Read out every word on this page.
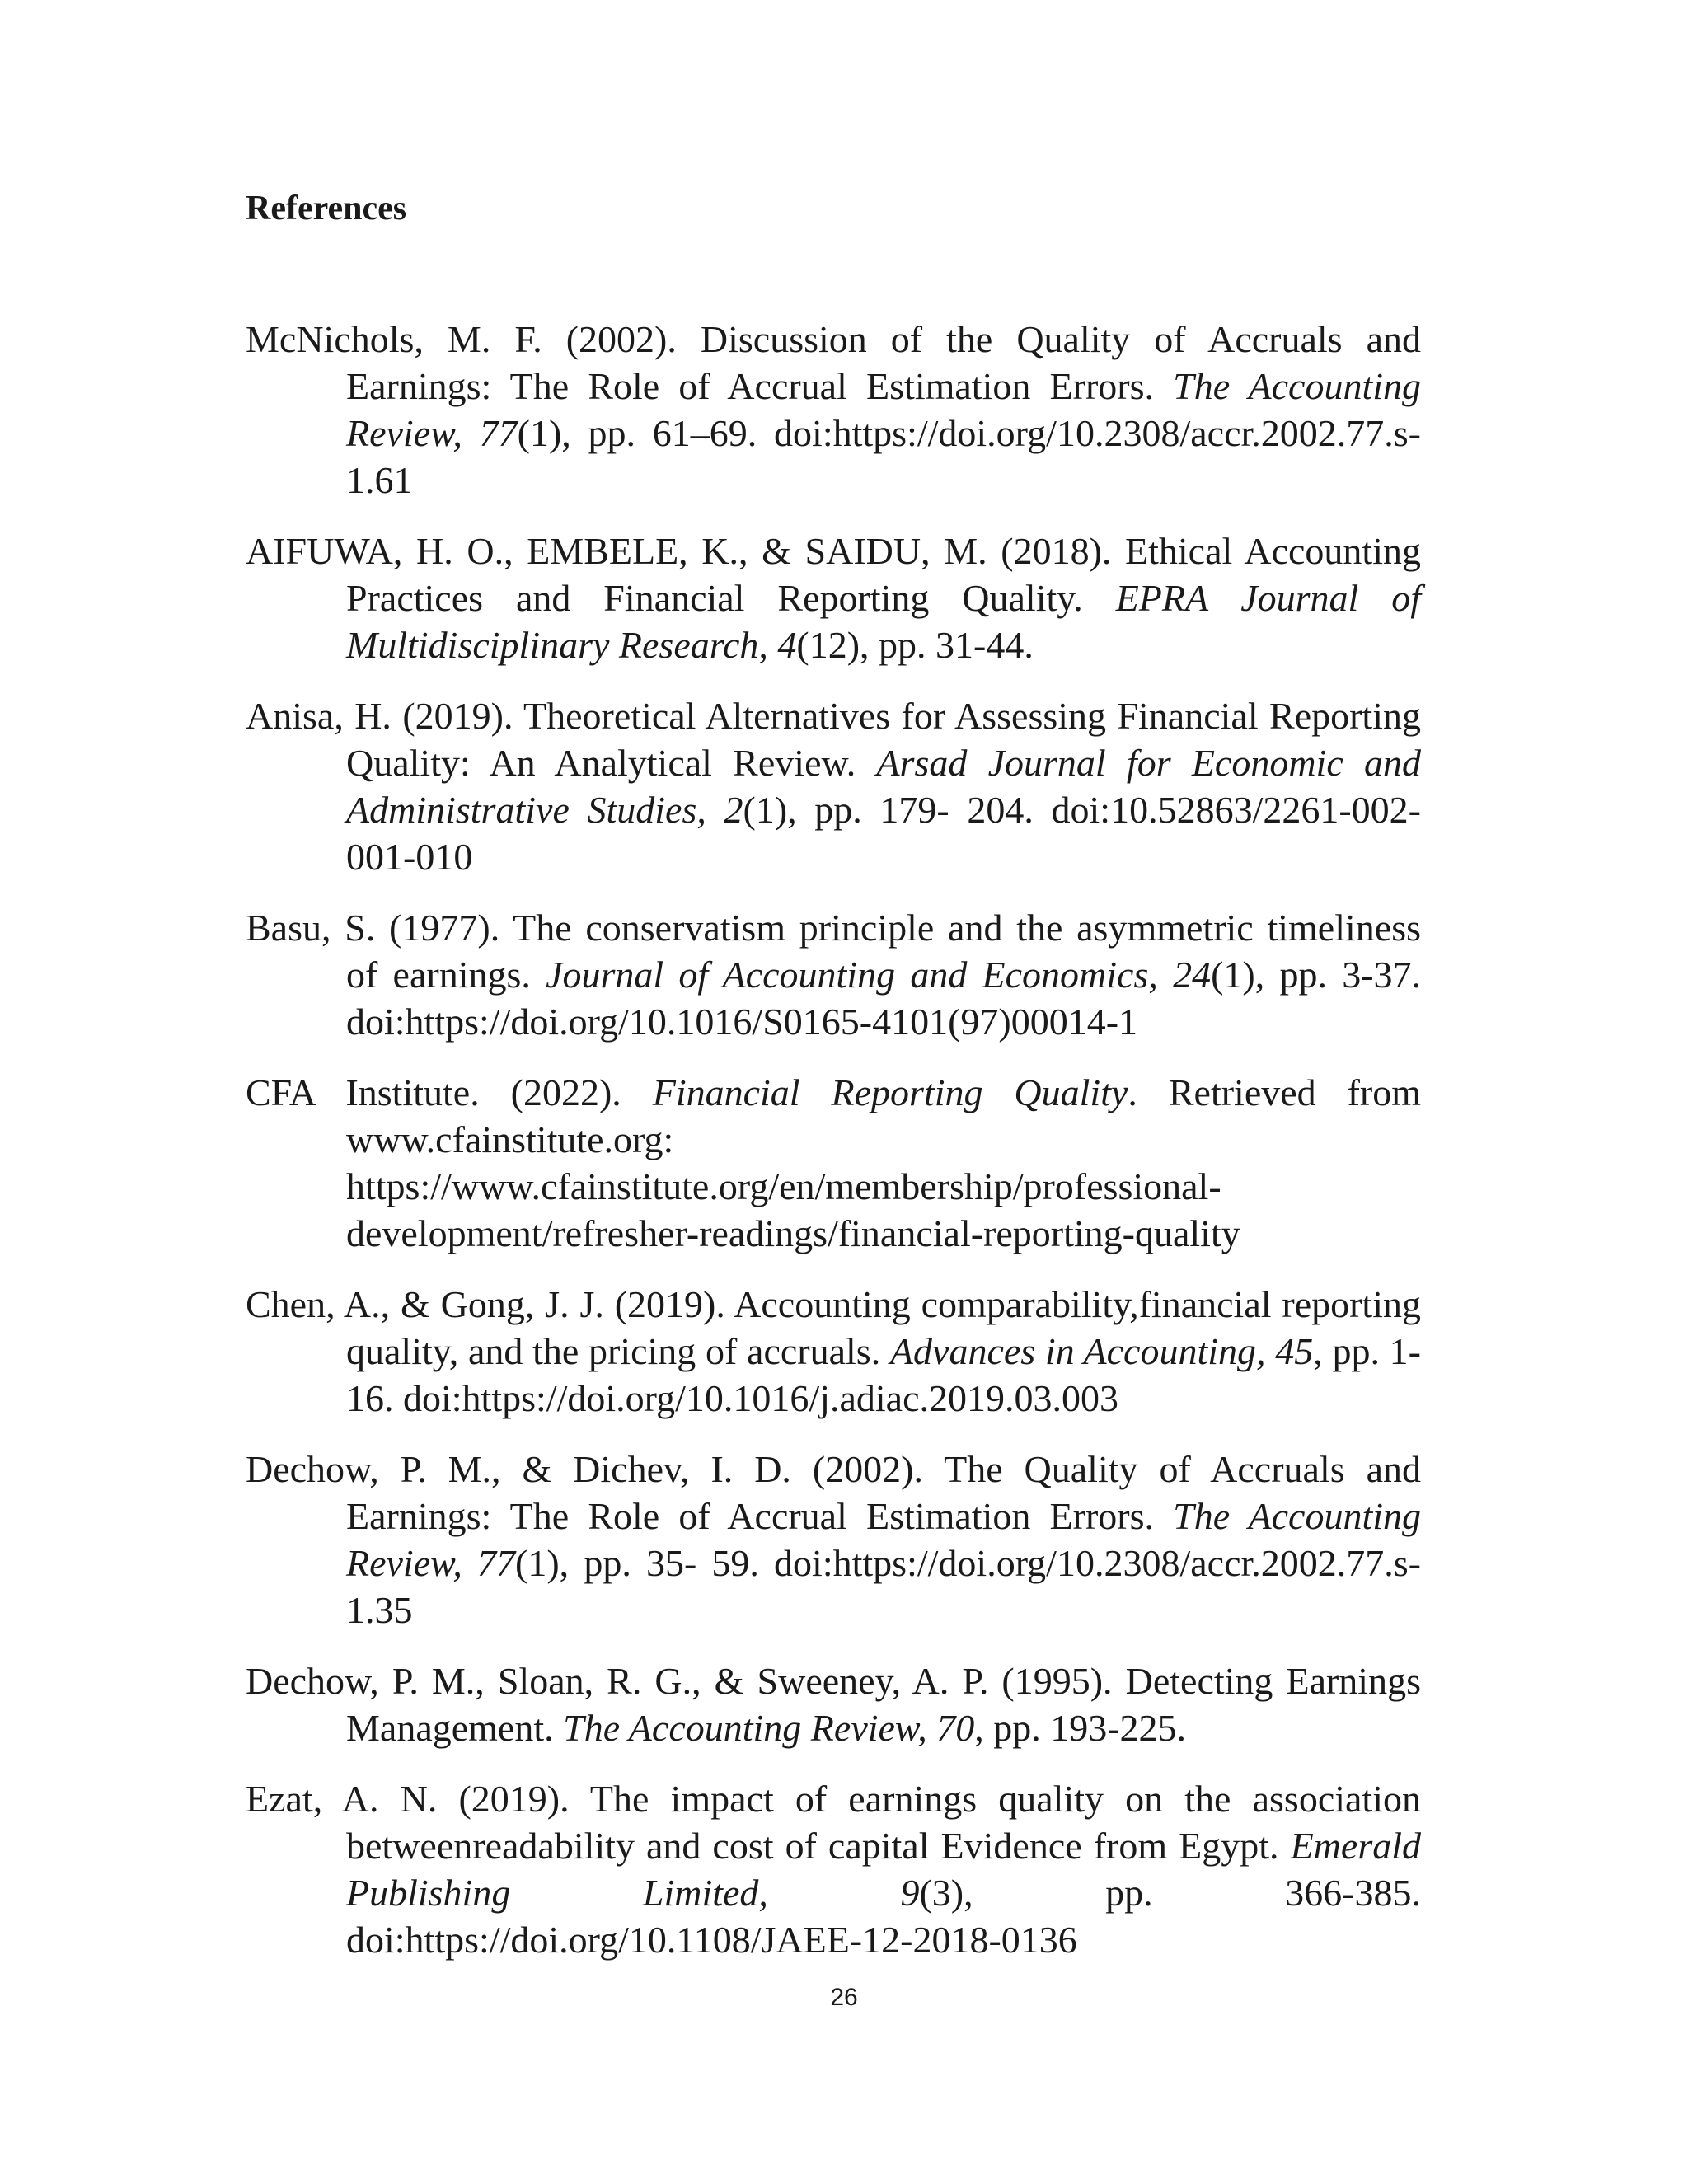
References

McNichols, M. F. (2002). Discussion of the Quality of Accruals and Earnings: The Role of Accrual Estimation Errors. The Accounting Review, 77(1), pp. 61–69. doi:https://doi.org/10.2308/accr.2002.77.s-1.61

AIFUWA, H. O., EMBELE, K., & SAIDU, M. (2018). Ethical Accounting Practices and Financial Reporting Quality. EPRA Journal of Multidisciplinary Research, 4(12), pp. 31-44.

Anisa, H. (2019). Theoretical Alternatives for Assessing Financial Reporting Quality: An Analytical Review. Arsad Journal for Economic and Administrative Studies, 2(1), pp. 179- 204. doi:10.52863/2261-002-001-010

Basu, S. (1977). The conservatism principle and the asymmetric timeliness of earnings. Journal of Accounting and Economics, 24(1), pp. 3-37. doi:https://doi.org/10.1016/S0165-4101(97)00014-1

CFA Institute. (2022). Financial Reporting Quality. Retrieved from www.cfainstitute.org: https://www.cfainstitute.org/en/membership/professional-development/refresher-readings/financial-reporting-quality

Chen, A., & Gong, J. J. (2019). Accounting comparability,financial reporting quality, and the pricing of accruals. Advances in Accounting, 45, pp. 1-16. doi:https://doi.org/10.1016/j.adiac.2019.03.003

Dechow, P. M., & Dichev, I. D. (2002). The Quality of Accruals and Earnings: The Role of Accrual Estimation Errors. The Accounting Review, 77(1), pp. 35- 59. doi:https://doi.org/10.2308/accr.2002.77.s-1.35

Dechow, P. M., Sloan, R. G., & Sweeney, A. P. (1995). Detecting Earnings Management. The Accounting Review, 70, pp. 193-225.

Ezat, A. N. (2019). The impact of earnings quality on the association betweenreadability and cost of capital Evidence from Egypt. Emerald Publishing Limited, 9(3), pp. 366-385. doi:https://doi.org/10.1108/JAEE-12-2018-0136

26
